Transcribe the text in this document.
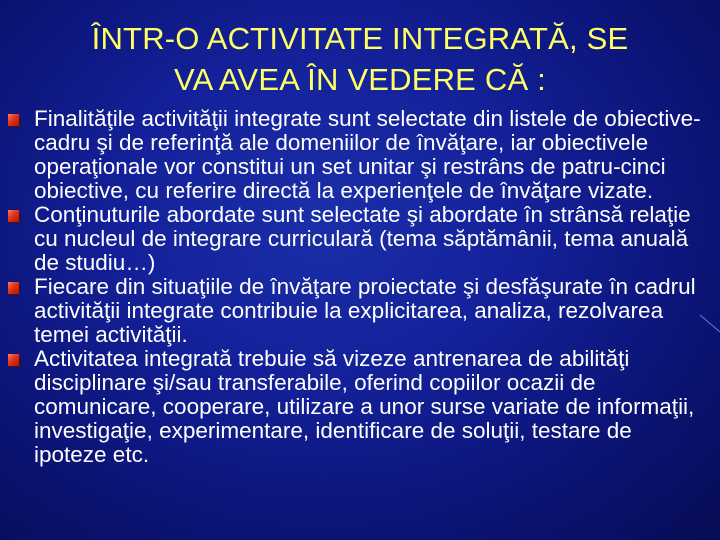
ÎNTR-O ACTIVITATE INTEGRATĂ, SE
VA AVEA ÎN VEDERE CĂ :
Finalităţile activităţii integrate sunt selectate din listele de obiective-cadru şi de referinţă ale domeniilor de învăţare, iar obiectivele operaţionale vor constitui un set unitar şi restrâns de patru-cinci obiective, cu referire directă la experienţele de învăţare vizate.
Conţinuturile abordate sunt selectate şi abordate în strânsă relaţie cu nucleul de integrare curriculară (tema săptămânii, tema anuală de studiu…)
Fiecare din situaţiile de învăţare proiectate şi desfăşurate în cadrul activităţii integrate contribuie la explicitarea, analiza, rezolvarea temei activităţii.
Activitatea integrată trebuie să vizeze antrenarea de abilităţi disciplinare şi/sau transferabile, oferind copiilor ocazii de comunicare, cooperare, utilizare a unor surse variate de informaţii, investigaţie, experimentare, identificare de soluţii, testare de ipoteze etc.
